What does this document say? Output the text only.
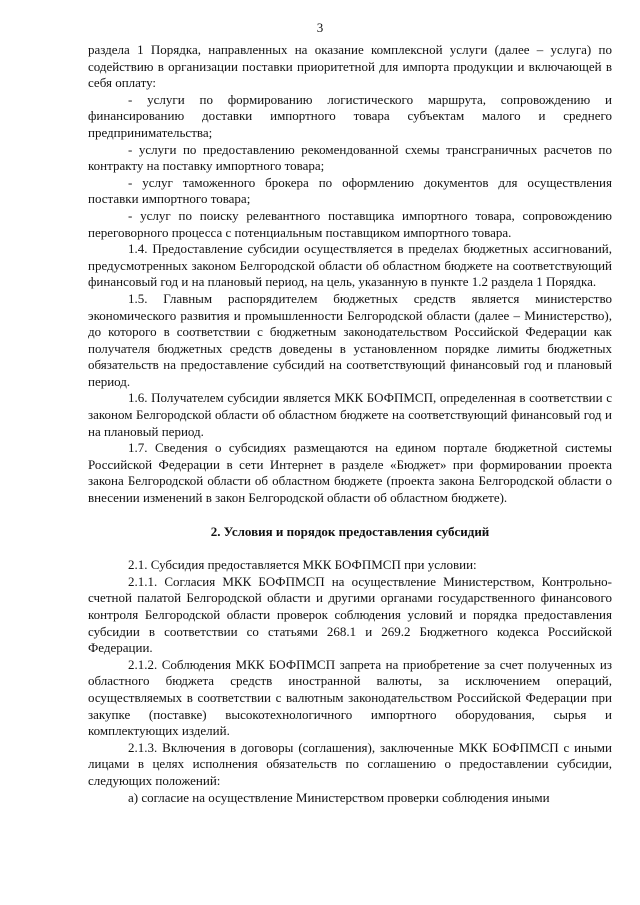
3

раздела 1 Порядка, направленных на оказание комплексной услуги (далее – услуга) по содействию в организации поставки приоритетной для импорта продукции и включающей в себя оплату:

- услуги по формированию логистического маршрута, сопровождению и финансированию доставки импортного товара субъектам малого и среднего предпринимательства;

- услуги по предоставлению рекомендованной схемы трансграничных расчетов по контракту на поставку импортного товара;

- услуг таможенного брокера по оформлению документов для осуществления поставки импортного товара;

- услуг по поиску релевантного поставщика импортного товара, сопровождению переговорного процесса с потенциальным поставщиком импортного товара.

1.4. Предоставление субсидии осуществляется в пределах бюджетных ассигнований, предусмотренных законом Белгородской области об областном бюджете на соответствующий финансовый год и на плановый период, на цель, указанную в пункте 1.2 раздела 1 Порядка.

1.5. Главным распорядителем бюджетных средств является министерство экономического развития и промышленности Белгородской области (далее – Министерство), до которого в соответствии с бюджетным законодательством Российской Федерации как получателя бюджетных средств доведены в установленном порядке лимиты бюджетных обязательств на предоставление субсидий на соответствующий финансовый год и плановый период.

1.6. Получателем субсидии является МКК БОФПМСП, определенная в соответствии с законом Белгородской области об областном бюджете на соответствующий финансовый год и на плановый период.

1.7. Сведения о субсидиях размещаются на едином портале бюджетной системы Российской Федерации в сети Интернет в разделе «Бюджет» при формировании проекта закона Белгородской области об областном бюджете (проекта закона Белгородской области о внесении изменений в закон Белгородской области об областном бюджете).

2. Условия и порядок предоставления субсидий

2.1. Субсидия предоставляется МКК БОФПМСП при условии:

2.1.1. Согласия МКК БОФПМСП на осуществление Министерством, Контрольно-счетной палатой Белгородской области и другими органами государственного финансового контроля Белгородской области проверок соблюдения условий и порядка предоставления субсидии в соответствии со статьями 268.1 и 269.2 Бюджетного кодекса Российской Федерации.

2.1.2. Соблюдения МКК БОФПМСП запрета на приобретение за счет полученных из областного бюджета средств иностранной валюты, за исключением операций, осуществляемых в соответствии с валютным законодательством Российской Федерации при закупке (поставке) высокотехнологичного импортного оборудования, сырья и комплектующих изделий.

2.1.3. Включения в договоры (соглашения), заключенные МКК БОФПМСП с иными лицами в целях исполнения обязательств по соглашению о предоставлении субсидии, следующих положений:

а) согласие на осуществление Министерством проверки соблюдения иными
